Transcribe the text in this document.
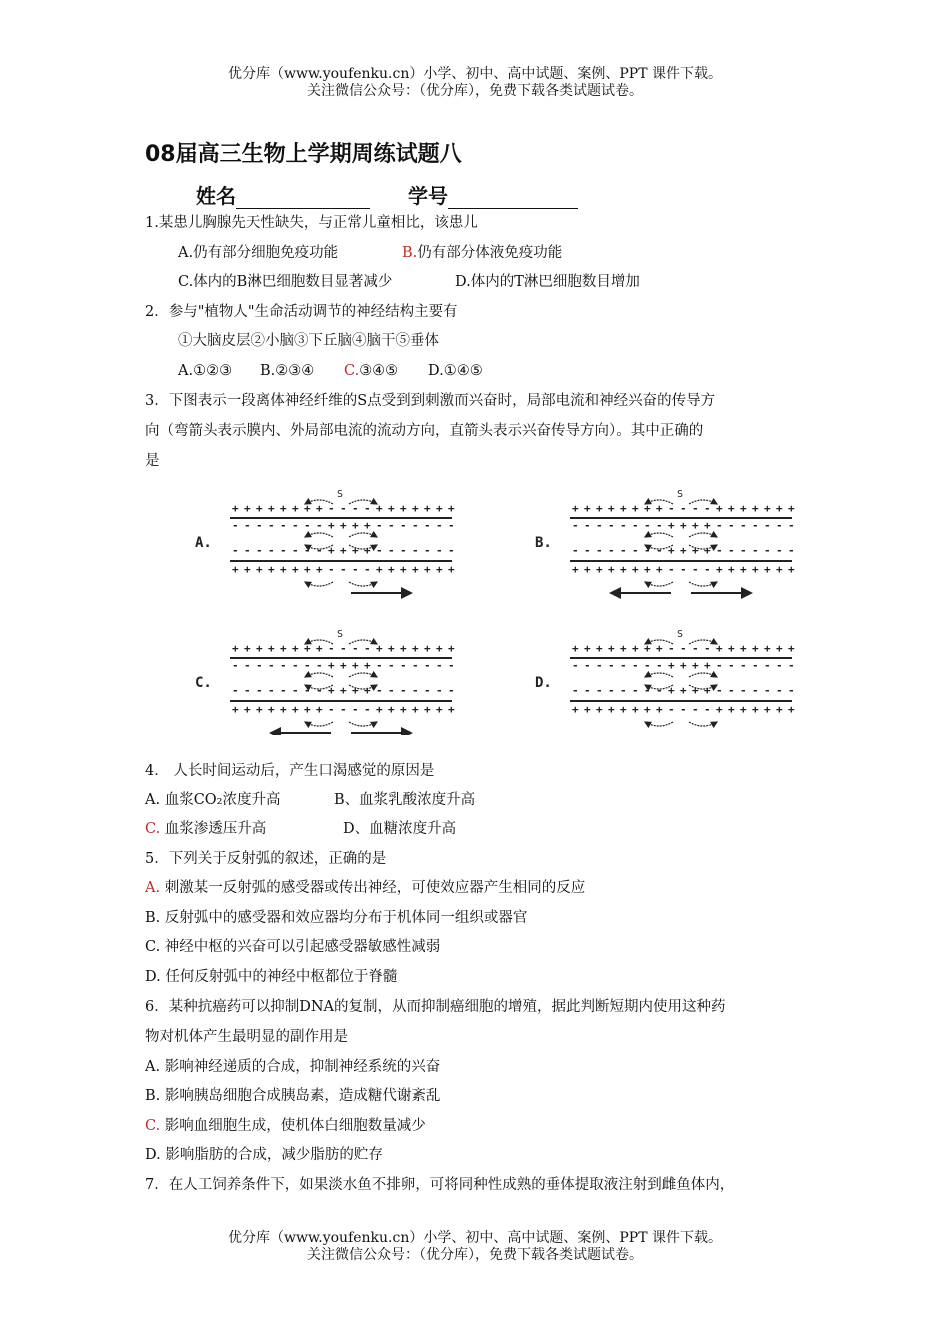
优分库（www.youfenku.cn）小学、初中、高中试题、案例、PPT 课件下载。
关注微信公众号：（优分库），免费下载各类试题试卷。
08届高三生物上学期周练试题八
姓名	学号
1.某患儿胸腺先天性缺失，与正常儿童相比，该患儿
A.仍有部分细胞免疫功能	B.仍有部分体液免疫功能
C.体内的B淋巴细胞数目显著减少	D.体内的T淋巴细胞数目增加
2．参与"植物人"生命活动调节的神经结构主要有
①大脑皮层②小脑③下丘脑④脑干⑤垂体
A.①②③ B.②③④ C.③④⑤ D.①④⑤
3．下图表示一段离体神经纤维的S点受到到刺激而兴奋时，局部电流和神经兴奋的传导方
向（弯箭头表示膜内、外局部电流的流动方向，直箭头表示兴奋传导方向）。其中正确的
是
A.
S
+ + + + + + + + - - - - + + + + + + +
- - - - - - - - + + + + - - - - - - -
- - - - - - - - + + + + - - - - - - -
+ + + + + + + + - - - - + + + + + + +
B.
S
+ + + + + + + + - - - - + + + + + + +
- - - - - - - - + + + + - - - - - - -
- - - - - - - - + + + + - - - - - - -
+ + + + + + + + - - - - + + + + + + +
C.
S
+ + + + + + + + - - - - + + + + + + +
- - - - - - - - + + + + - - - - - - -
- - - - - - - - + + + + - - - - - - -
+ + + + + + + + - - - - + + + + + + +
D.
S
+ + + + + + + + - - - - + + + + + + +
- - - - - - - - + + + + - - - - - - -
- - - - - - - - + + + + - - - - - - -
+ + + + + + + + - - - - + + + + + + +
4． 人长时间运动后，产生口渴感觉的原因是
A. 血浆CO₂浓度升高	B、血浆乳酸浓度升高
C. 血浆渗透压升高	D、血糖浓度升高
5．下列关于反射弧的叙述，正确的是
A. 刺激某一反射弧的感受器或传出神经，可使效应器产生相同的反应
B. 反射弧中的感受器和效应器均分布于机体同一组织或器官
C. 神经中枢的兴奋可以引起感受器敏感性减弱
D. 任何反射弧中的神经中枢都位于脊髓
6．某种抗癌药可以抑制DNA的复制，从而抑制癌细胞的增殖，据此判断短期内使用这种药
物对机体产生最明显的副作用是
A. 影响神经递质的合成，抑制神经系统的兴奋
B. 影响胰岛细胞合成胰岛素，造成糖代谢紊乱
C. 影响血细胞生成，使机体白细胞数量减少
D. 影响脂肪的合成，减少脂肪的贮存
7．在人工饲养条件下，如果淡水鱼不排卵，可将同种性成熟的垂体提取液注射到雌鱼体内，
优分库（www.youfenku.cn）小学、初中、高中试题、案例、PPT 课件下载。
关注微信公众号：（优分库），免费下载各类试题试卷。
